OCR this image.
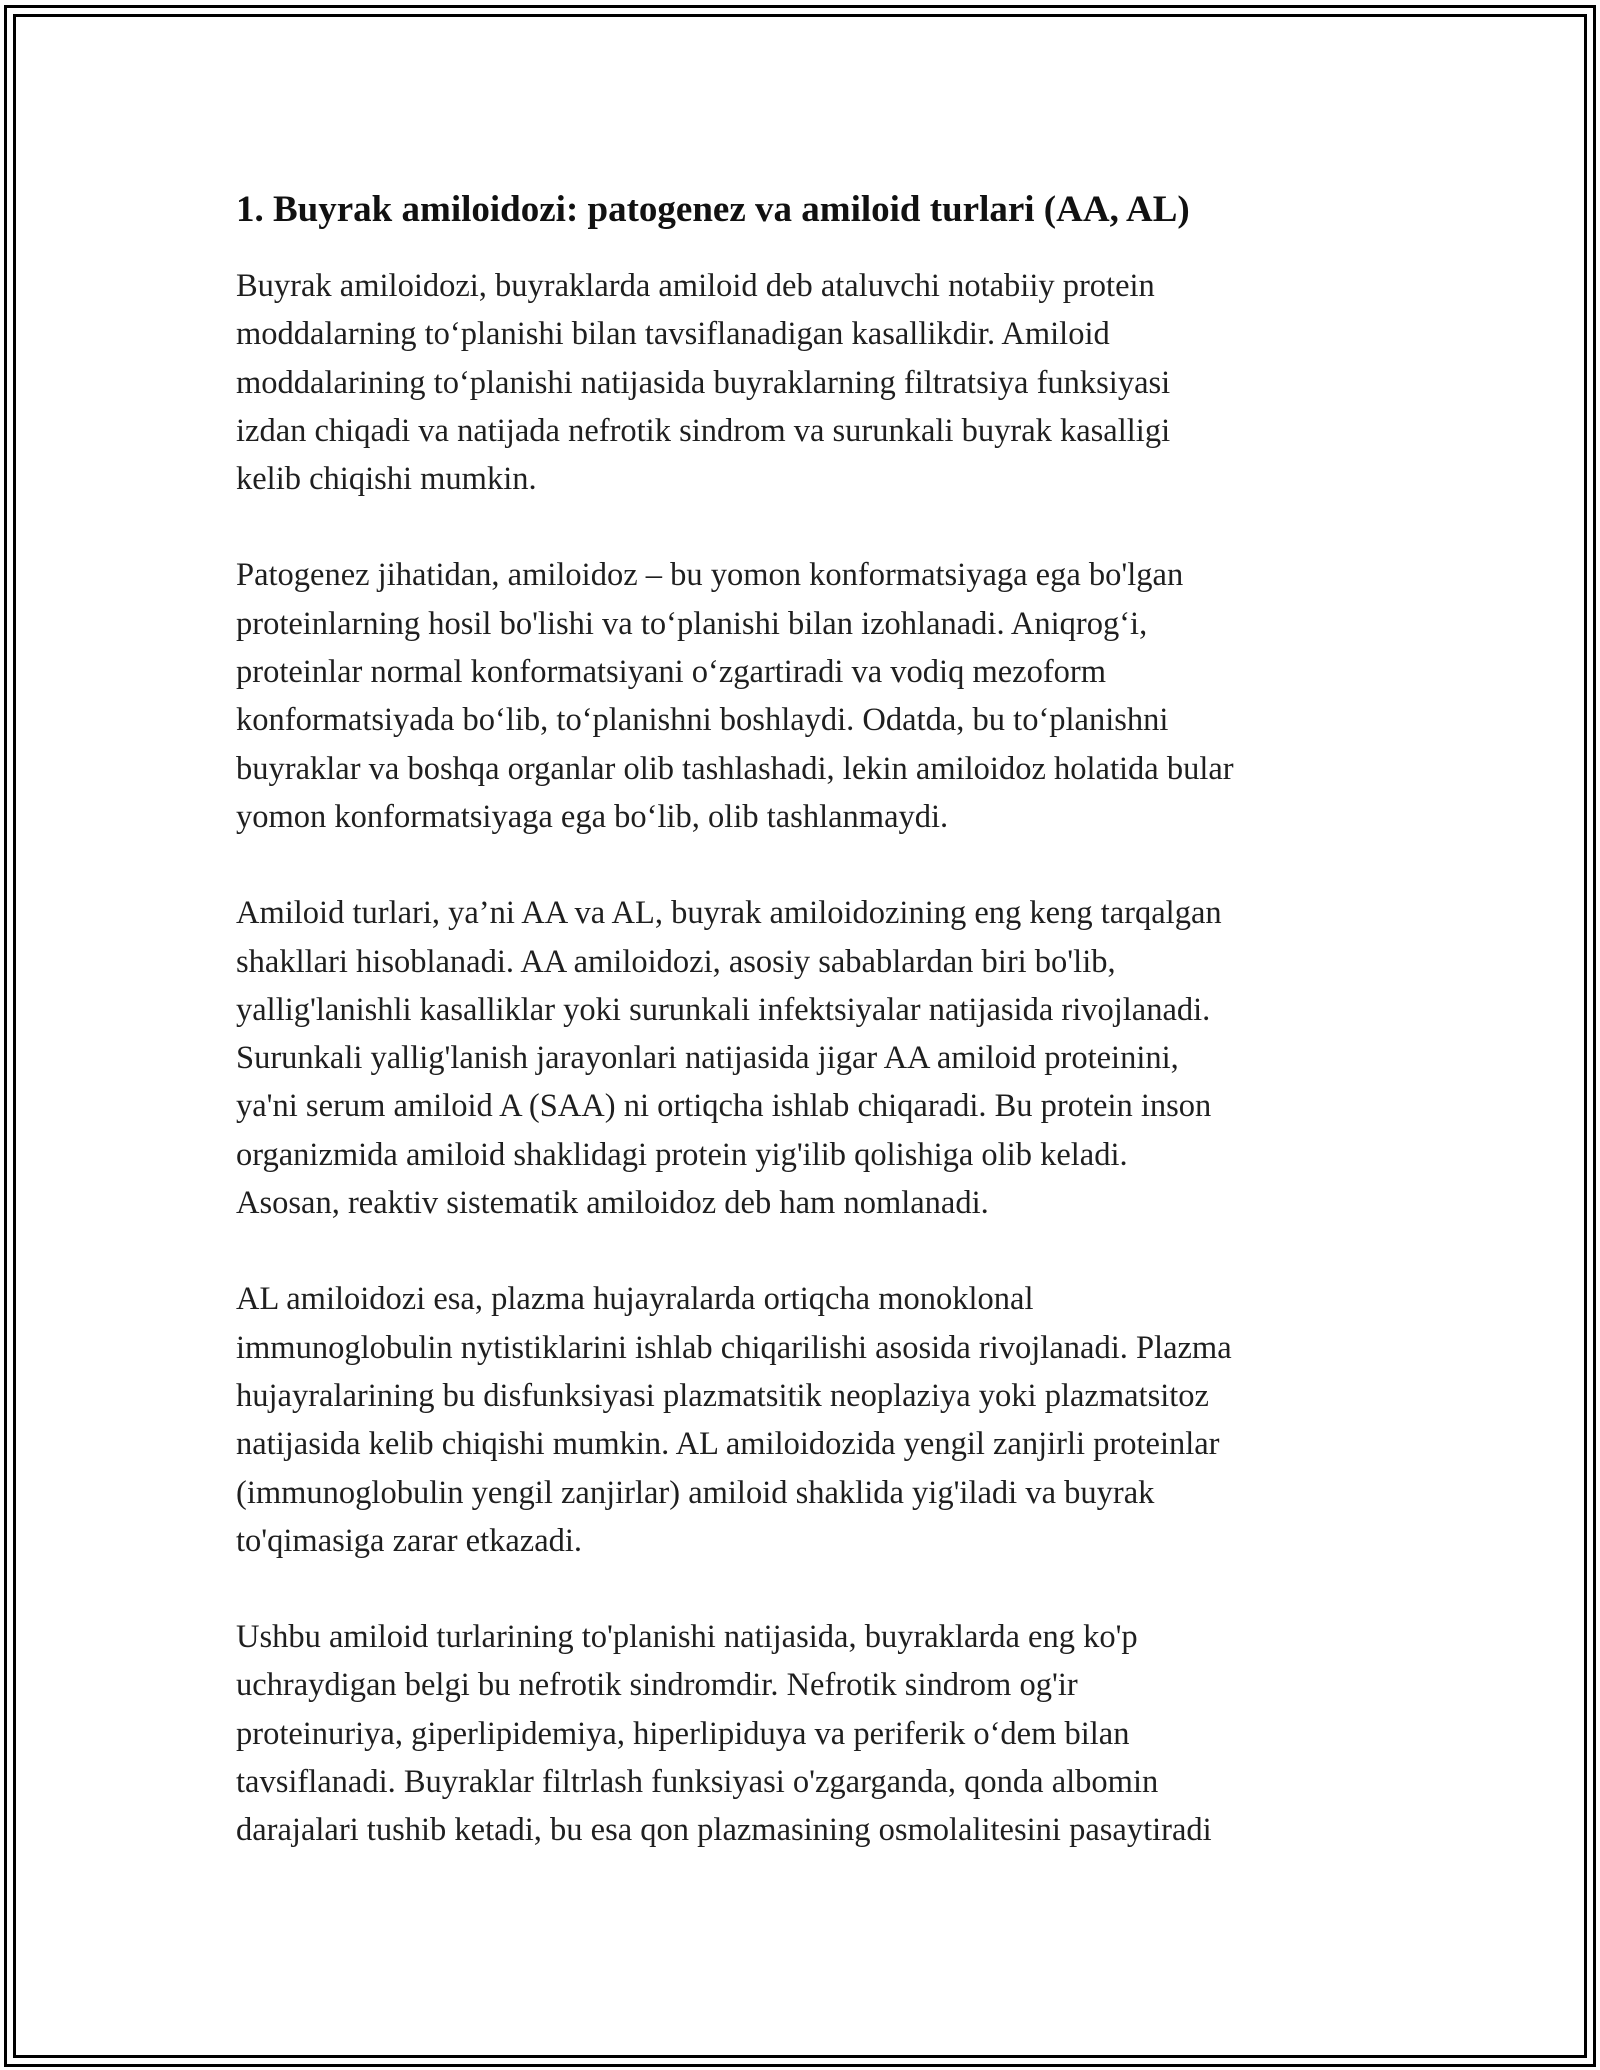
1. Buyrak amiloidozi: patogenez va amiloid turlari (AA, AL)

Buyrak amiloidozi, buyraklarda amiloid deb ataluvchi notabiiy protein
moddalarning to‘planishi bilan tavsiflanadigan kasallikdir. Amiloid
moddalarining to‘planishi natijasida buyraklarning filtratsiya funksiyasi
izdan chiqadi va natijada nefrotik sindrom va surunkali buyrak kasalligi
kelib chiqishi mumkin.

Patogenez jihatidan, amiloidoz – bu yomon konformatsiyaga ega bo'lgan
proteinlarning hosil bo'lishi va to‘planishi bilan izohlanadi. Aniqrog‘i,
proteinlar normal konformatsiyani o‘zgartiradi va vodiq mezoform
konformatsiyada bo‘lib, to‘planishni boshlaydi. Odatda, bu to‘planishni
buyraklar va boshqa organlar olib tashlashadi, lekin amiloidoz holatida bular
yomon konformatsiyaga ega bo‘lib, olib tashlanmaydi.

Amiloid turlari, ya’ni AA va AL, buyrak amiloidozining eng keng tarqalgan
shakllari hisoblanadi. AA amiloidozi, asosiy sabablardan biri bo'lib,
yallig'lanishli kasalliklar yoki surunkali infektsiyalar natijasida rivojlanadi.
Surunkali yallig'lanish jarayonlari natijasida jigar AA amiloid proteinini,
ya'ni serum amiloid A (SAA) ni ortiqcha ishlab chiqaradi. Bu protein inson
organizmida amiloid shaklidagi protein yig'ilib qolishiga olib keladi.
Asosan, reaktiv sistematik amiloidoz deb ham nomlanadi.

AL amiloidozi esa, plazma hujayralarda ortiqcha monoklonal
immunoglobulin nytistiklarini ishlab chiqarilishi asosida rivojlanadi. Plazma
hujayralarining bu disfunksiyasi plazmatsitik neoplaziya yoki plazmatsitoz
natijasida kelib chiqishi mumkin. AL amiloidozida yengil zanjirli proteinlar
(immunoglobulin yengil zanjirlar) amiloid shaklida yig'iladi va buyrak
to'qimasiga zarar etkazadi.

Ushbu amiloid turlarining to'planishi natijasida, buyraklarda eng ko'p
uchraydigan belgi bu nefrotik sindromdir. Nefrotik sindrom og'ir
proteinuriya, giperlipidemiya, hiperlipiduya va periferik o‘dem bilan
tavsiflanadi. Buyraklar filtrlash funksiyasi o'zgarganda, qonda albomin
darajalari tushib ketadi, bu esa qon plazmasining osmolalitesini pasaytiradi
